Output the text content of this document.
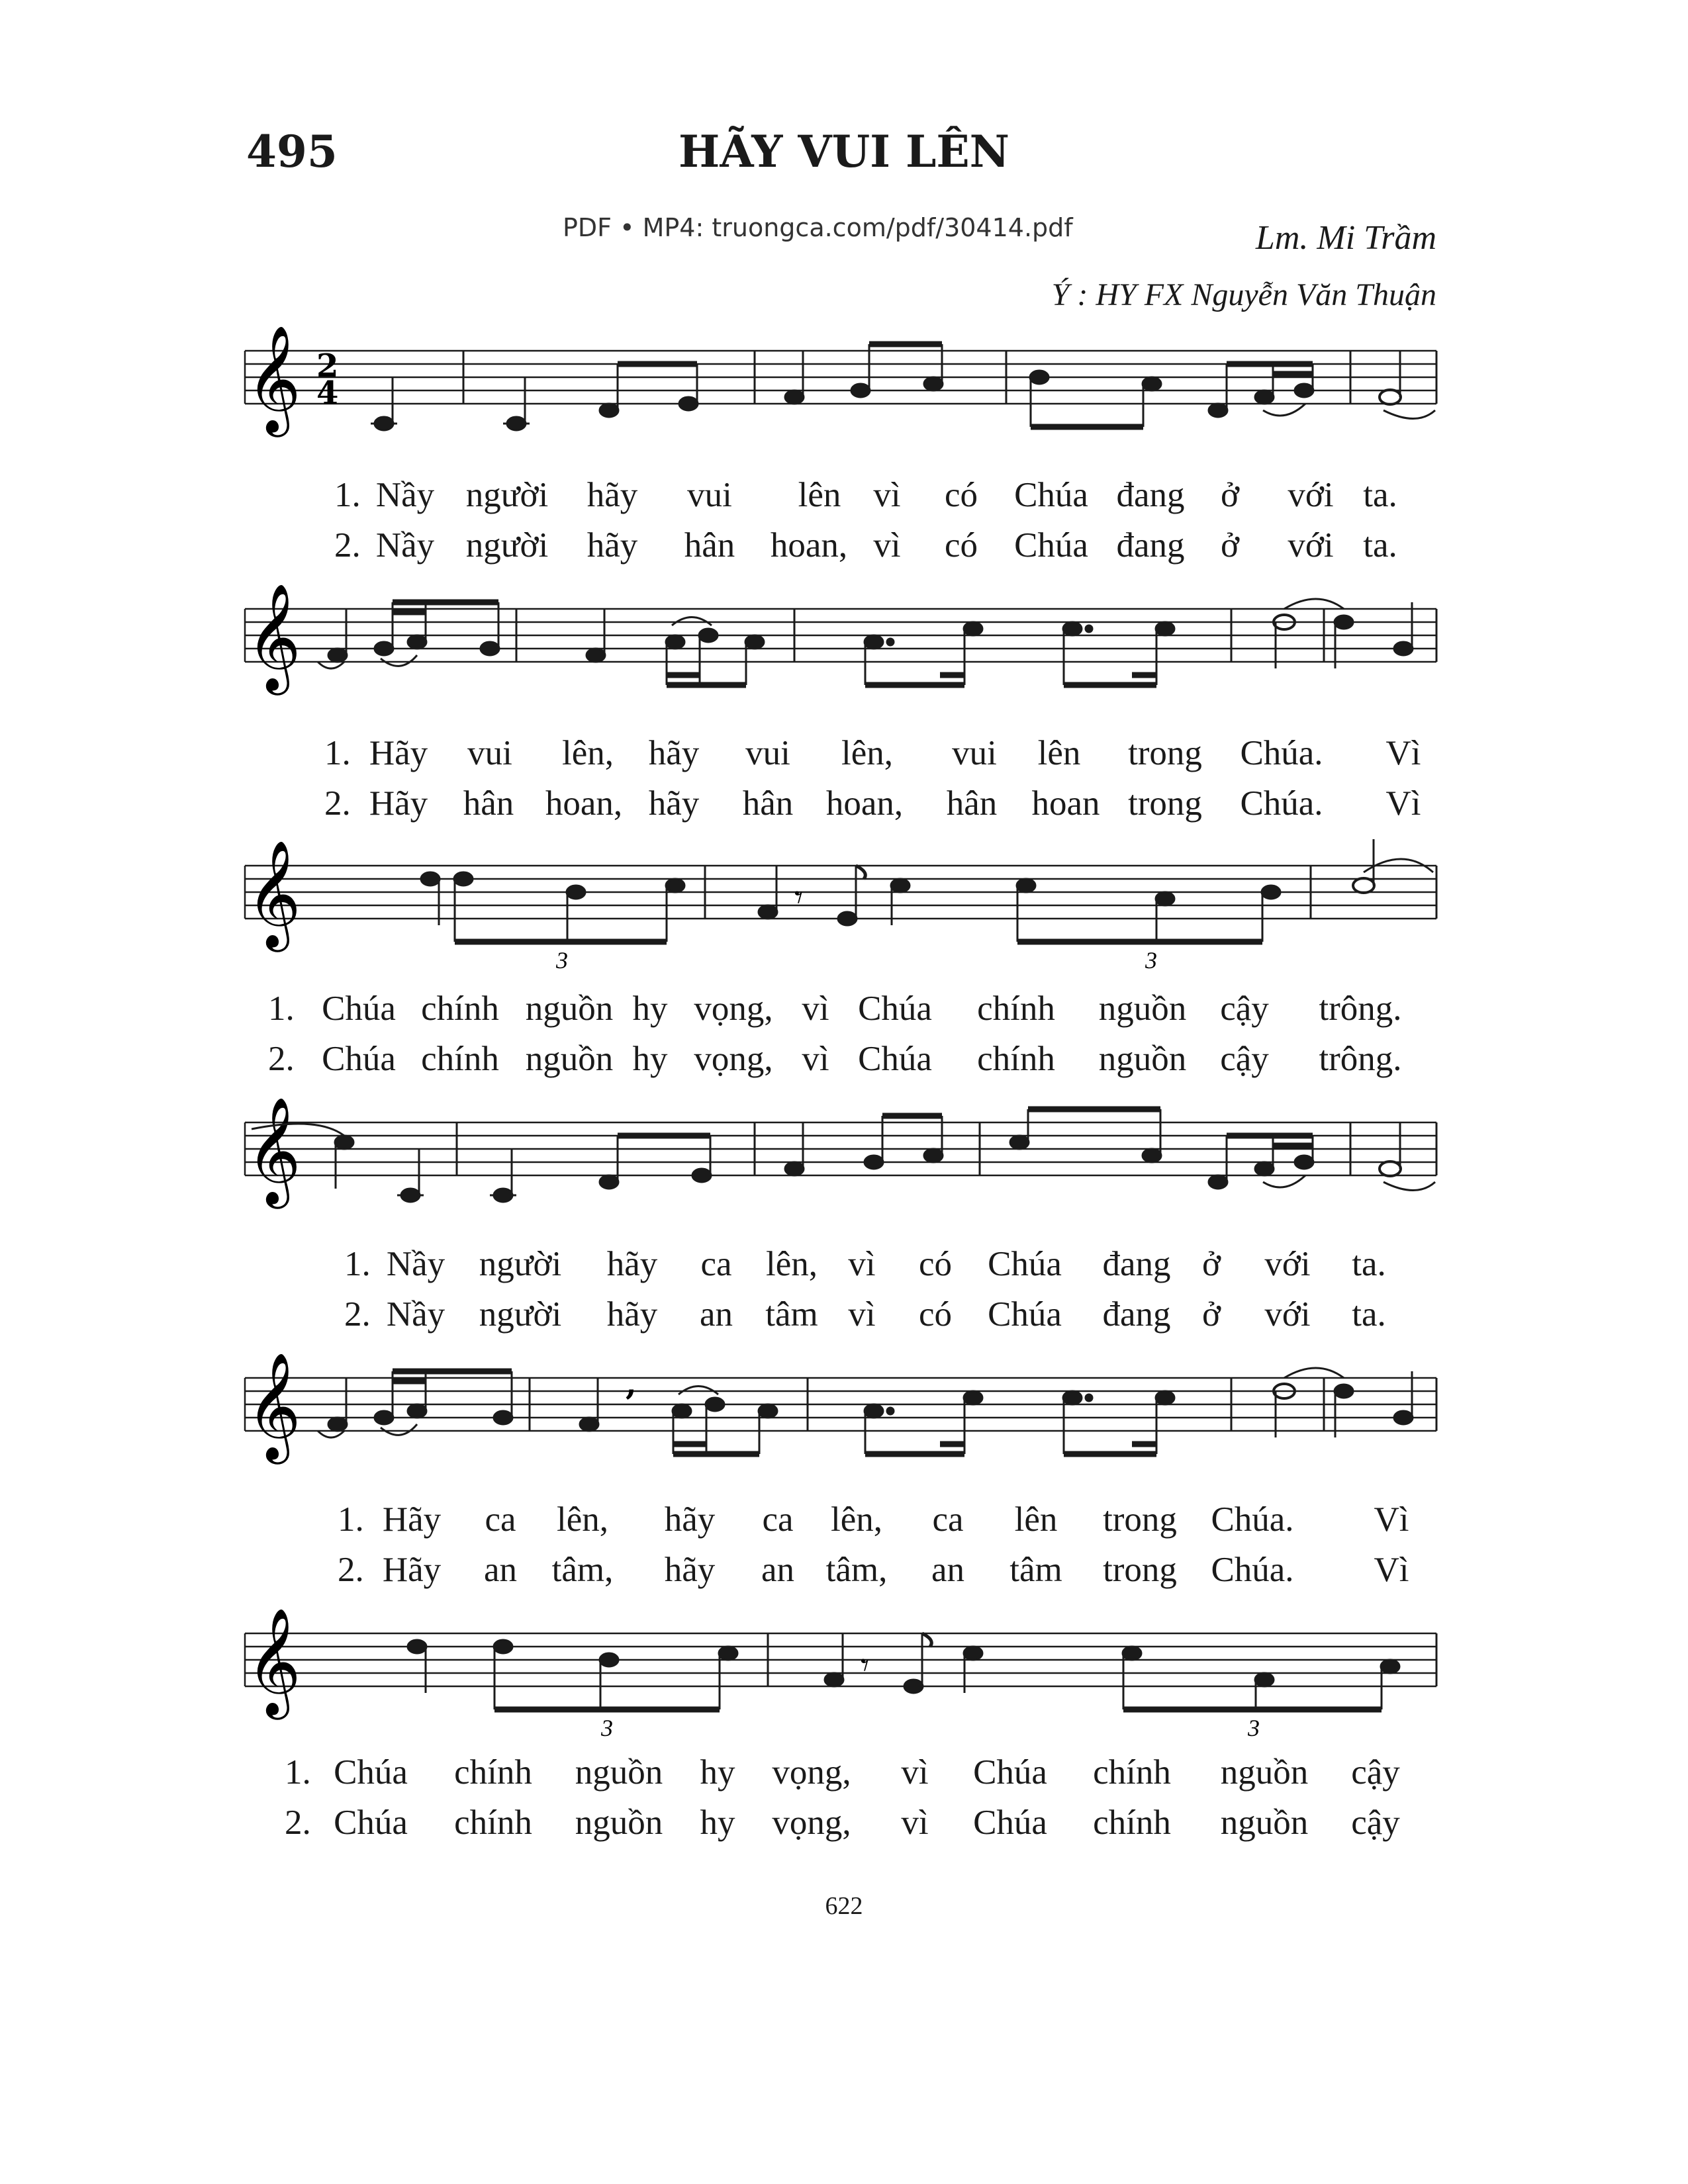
495	HÃY VUI LÊN
PDF • MP4: truongca.com/pdf/30414.pdf	Lm. Mi Trầm
Ý : HY FX Nguyễn Văn Thuận
𝄞 2
4
1. Nầy người hãy vui lên vì có Chúa đang ở với ta.
2. Nầy người hãy hân hoan, vì có Chúa đang ở với ta.
𝄞
1. Hãy vui lên, hãy vui lên, vui lên trong Chúa. Vì
2. Hãy hân hoan, hãy hân hoan, hân hoan trong Chúa. Vì
𝄞	𝄾
3	3
1. Chúa chính nguồn hy vọng, vì Chúa chính nguồn cậy trông.
2. Chúa chính nguồn hy vọng, vì Chúa chính nguồn cậy trông.
𝄞
1. Nầy người hãy ca lên, vì có Chúa đang ở với ta.
2. Nầy người hãy an tâm vì có Chúa đang ở với ta.
𝄞	,
1. Hãy ca lên, hãy ca lên, ca lên trong Chúa. Vì
2. Hãy an tâm, hãy an tâm, an tâm trong Chúa. Vì
𝄞	𝄾
3	3
1. Chúa chính nguồn hy vọng, vì Chúa chính nguồn cậy
2. Chúa chính nguồn hy vọng, vì Chúa chính nguồn cậy
622
